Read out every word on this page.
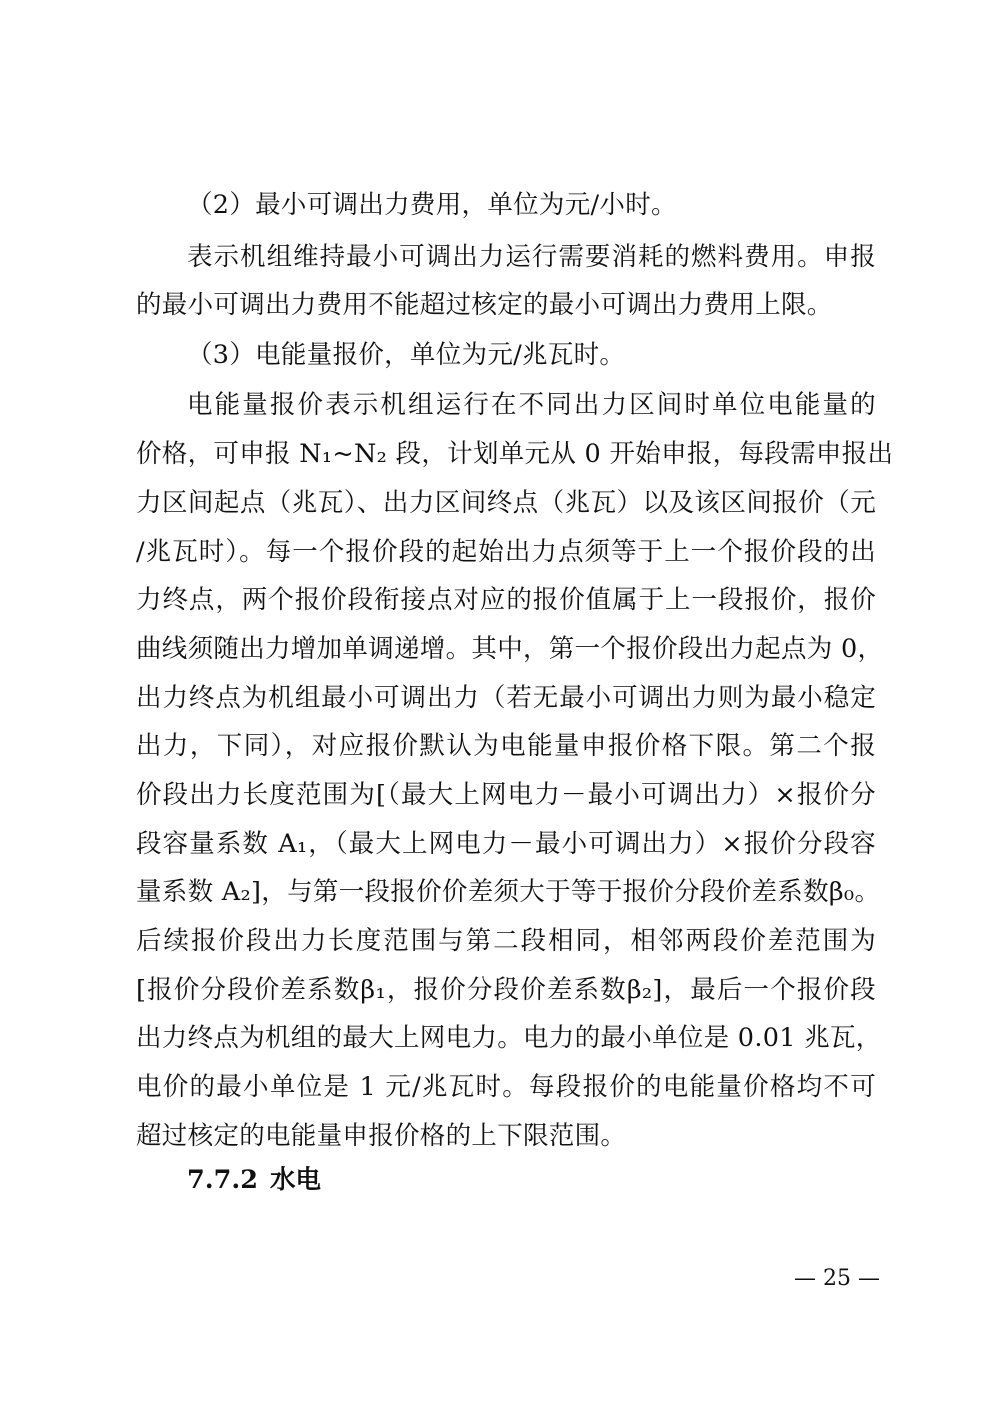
（2）最小可调出力费用，单位为元/小时。
表示机组维持最小可调出力运行需要消耗的燃料费用。申报
的最小可调出力费用不能超过核定的最小可调出力费用上限。
（3）电能量报价，单位为元/兆瓦时。
电能量报价表示机组运行在不同出力区间时单位电能量的
价格，可申报 N₁~N₂ 段，计划单元从 0 开始申报，每段需申报出
力区间起点（兆瓦）、出力区间终点（兆瓦）以及该区间报价（元
/兆瓦时）。每一个报价段的起始出力点须等于上一个报价段的出
力终点，两个报价段衔接点对应的报价值属于上一段报价，报价
曲线须随出力增加单调递增。其中，第一个报价段出力起点为 0，
出力终点为机组最小可调出力（若无最小可调出力则为最小稳定
出力，下同），对应报价默认为电能量申报价格下限。第二个报
价段出力长度范围为[（最大上网电力－最小可调出力）×报价分
段容量系数 A₁，（最大上网电力－最小可调出力）×报价分段容
量系数 A₂]，与第一段报价价差须大于等于报价分段价差系数β₀。
后续报价段出力长度范围与第二段相同，相邻两段价差范围为
[报价分段价差系数β₁，报价分段价差系数β₂]，最后一个报价段
出力终点为机组的最大上网电力。电力的最小单位是 0.01 兆瓦，
电价的最小单位是 1 元/兆瓦时。每段报价的电能量价格均不可
超过核定的电能量申报价格的上下限范围。
7.7.2 水电
— 25 —
